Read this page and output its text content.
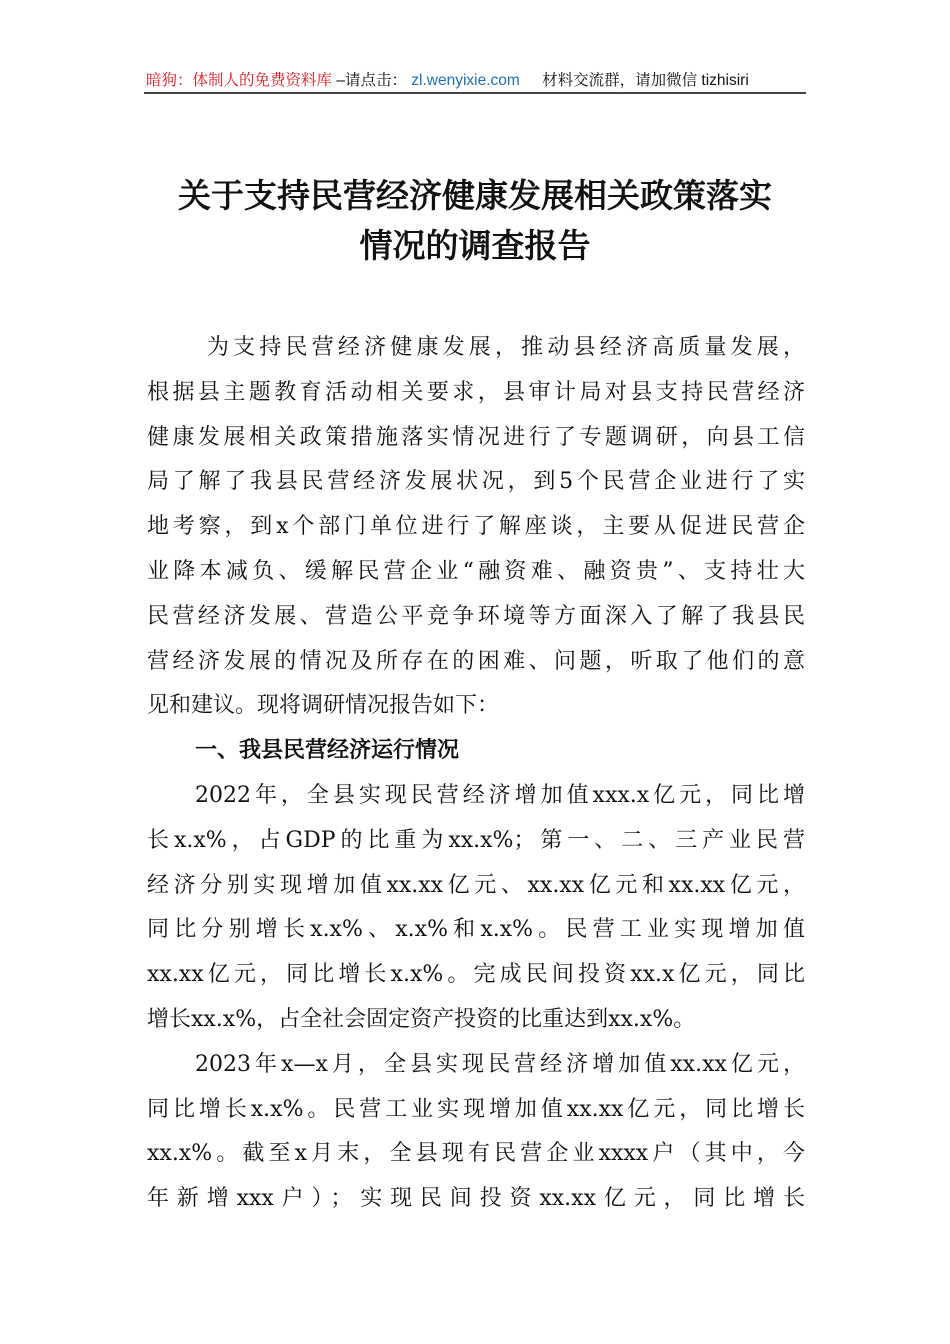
暗狗：体制人的免费资料库 –请点击： zl.wenyixie.com 材料交流群，请加微信 tizhisiri
关于支持民营经济健康发展相关政策落实
情况的调查报告
为支持民营经济健康发展，推动县经济高质量发展，
根据县主题教育活动相关要求，县审计局对县支持民营经济
健康发展相关政策措施落实情况进行了专题调研，向县工信
局了解了我县民营经济发展状况，到5个民营企业进行了实
地考察，到x个部门单位进行了解座谈，主要从促进民营企
业降本减负、缓解民营企业“融资难、融资贵”、支持壮大
民营经济发展、营造公平竞争环境等方面深入了解了我县民
营经济发展的情况及所存在的困难、问题，听取了他们的意
见和建议。现将调研情况报告如下：
一、我县民营经济运行情况
2022年，全县实现民营经济增加值xxx.x亿元，同比增
长x.x%，占GDP的比重为xx.x%；第一、二、三产业民营
经济分别实现增加值xx.xx亿元、xx.xx亿元和xx.xx亿元，
同比分别增长x.x%、x.x%和x.x%。民营工业实现增加值
xx.xx亿元，同比增长x.x%。完成民间投资xx.x亿元，同比
增长xx.x%，占全社会固定资产投资的比重达到xx.x%。
2023年x—x月，全县实现民营经济增加值xx.xx亿元，
同比增长x.x%。民营工业实现增加值xx.xx亿元，同比增长
xx.x%。截至x月末，全县现有民营企业xxxx户（其中，今
年新增xxx户）；实现民间投资xx.xx亿元，同比增长
